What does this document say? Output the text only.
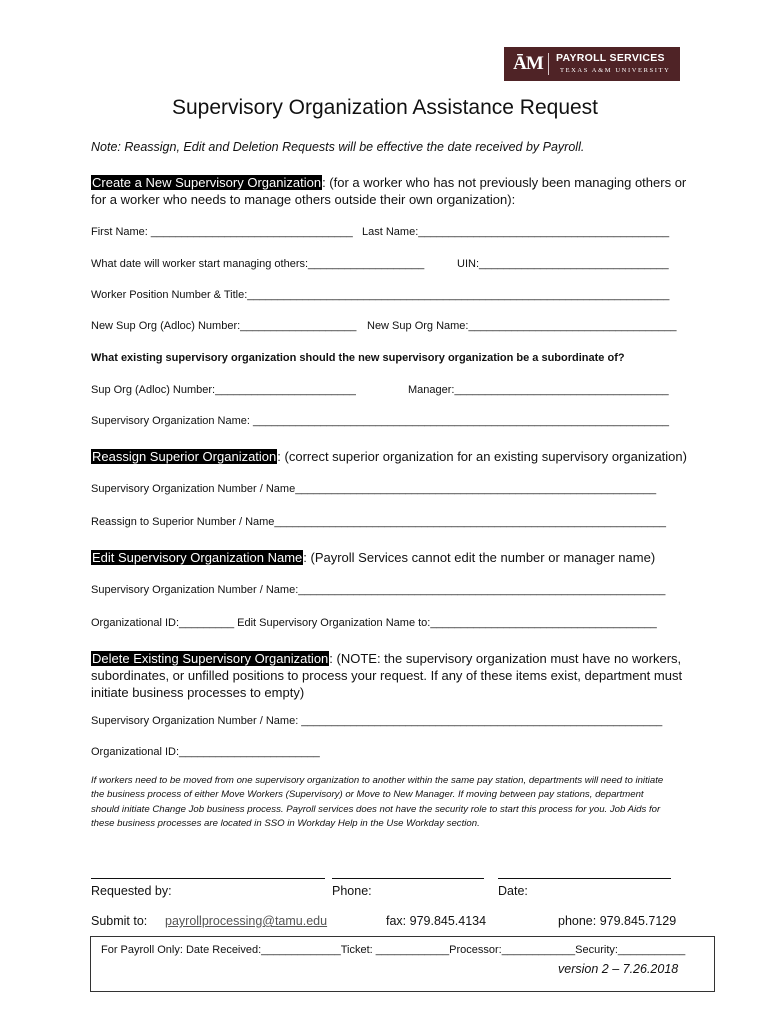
ĀM PAYROLL SERVICES
TEXAS A&M UNIVERSITY
Supervisory Organization Assistance Request
Note: Reassign, Edit and Deletion Requests will be effective the date received by Payroll.
Create a New Supervisory Organization: (for a worker who has not previously been managing others or
for a worker who needs to manage others outside their own organization):
First Name: _________________________________ Last Name:_________________________________________
What date will worker start managing others:___________________	UIN:_______________________________
Worker Position Number & Title:_____________________________________________________________________
New Sup Org (Adloc) Number:___________________ New Sup Org Name:__________________________________
What existing supervisory organization should the new supervisory organization be a subordinate of?
Sup Org (Adloc) Number:_______________________	Manager:___________________________________
Supervisory Organization Name: ____________________________________________________________________
Reassign Superior Organization: (correct superior organization for an existing supervisory organization)
Supervisory Organization Number / Name___________________________________________________________
Reassign to Superior Number / Name________________________________________________________________
Edit Supervisory Organization Name: (Payroll Services cannot edit the number or manager name)
Supervisory Organization Number / Name:____________________________________________________________
Organizational ID:_________ Edit Supervisory Organization Name to:_____________________________________
Delete Existing Supervisory Organization: (NOTE: the supervisory organization must have no workers,
subordinates, or unfilled positions to process your request. If any of these items exist, department must
initiate business processes to empty)
Supervisory Organization Number / Name: ___________________________________________________________
Organizational ID:_______________________
If workers need to be moved from one supervisory organization to another within the same pay station, departments will need to initiate the business process of either Move Workers (Supervisory) or Move to New Manager. If moving between pay stations, department should initiate Change Job business process. Payroll services does not have the security role to start this process for you. Job Aids for these business processes are located in SSO in Workday Help in the Use Workday section.
Requested by:	Phone:	Date:
Submit to: payrollprocessing@tamu.edu	fax: 979.845.4134	phone: 979.845.7129
For Payroll Only: Date Received:_____________Ticket: ____________Processor:____________Security:___________
version 2 – 7.26.2018
